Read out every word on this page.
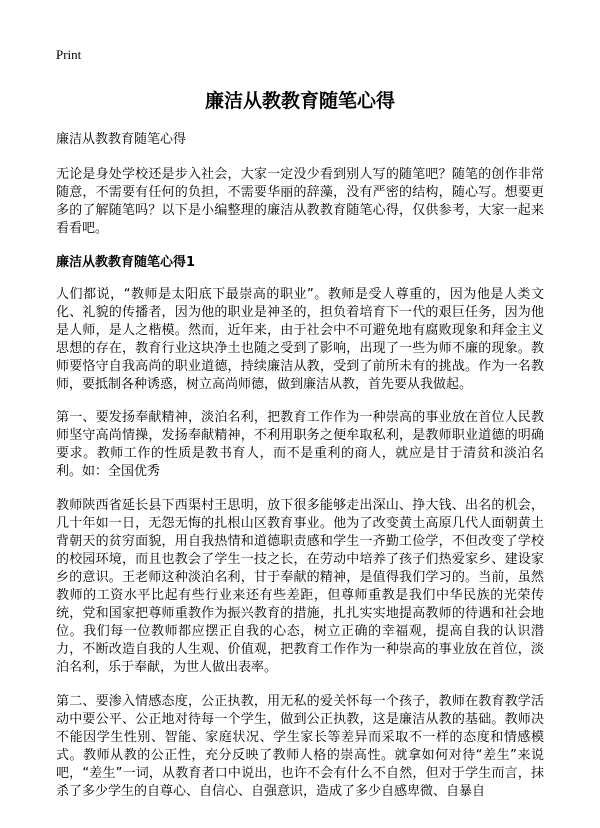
Print
廉洁从教教育随笔心得

廉洁从教教育随笔心得

无论是身处学校还是步入社会，大家一定没少看到别人写的随笔吧？随笔的创作非常随意，不需要有任何的负担，不需要华丽的辞藻，没有严密的结构，随心写。想要更多的了解随笔吗？以下是小编整理的廉洁从教教育随笔心得，仅供参考，大家一起来看看吧。

廉洁从教教育随笔心得1

人们都说，“教师是太阳底下最崇高的职业”。教师是受人尊重的，因为他是人类文化、礼貌的传播者，因为他的职业是神圣的，担负着培育下一代的艰巨任务，因为他是人师，是人之楷模。然而，近年来，由于社会中不可避免地有腐败现象和拜金主义思想的存在，教育行业这块净土也随之受到了影响，出现了一些为师不廉的现象。教师要恪守自我高尚的职业道德，持续廉洁从教，受到了前所未有的挑战。作为一名教师，要抵制各种诱惑，树立高尚师德，做到廉洁从教，首先要从我做起。

第一、要发扬奉献精神，淡泊名利，把教育工作作为一种崇高的事业放在首位人民教师坚守高尚情操，发扬奉献精神，不利用职务之便牟取私利，是教师职业道德的明确要求。教师工作的性质是教书育人，而不是重利的商人，就应是甘于清贫和淡泊名利。如：全国优秀

教师陕西省延长县下西渠村王思明，放下很多能够走出深山、挣大钱、出名的机会，几十年如一日，无怨无悔的扎根山区教育事业。他为了改变黄土高原几代人面朝黄土背朝天的贫穷面貌，用自我热情和道德职责感和学生一齐勤工俭学，不但改变了学校的校园环境，而且也教会了学生一技之长，在劳动中培养了孩子们热爱家乡、建设家乡的意识。王老师这种淡泊名利，甘于奉献的精神，是值得我们学习的。当前，虽然教师的工资水平比起有些行业来还有些差距，但尊师重教是我们中华民族的光荣传统，党和国家把尊师重教作为振兴教育的措施，扎扎实实地提高教师的待遇和社会地位。我们每一位教师都应摆正自我的心态，树立正确的幸福观，提高自我的认识潜力，不断改造自我的人生观、价值观，把教育工作作为一种崇高的事业放在首位，淡泊名利，乐于奉献，为世人做出表率。

第二、要渗入情感态度，公正执教，用无私的爱关怀每一个孩子，教师在教育教学活动中要公平、公正地对待每一个学生，做到公正执教，这是廉洁从教的基础。教师决不能因学生性别、智能、家庭状况、学生家长等差异而采取不一样的态度和情感模式。教师从教的公正性，充分反映了教师人格的崇高性。就拿如何对待“差生”来说吧，“差生”一词，从教育者口中说出，也许不会有什么不自然，但对于学生而言，抹杀了多少学生的自尊心、自信心、自强意识，造成了多少自感卑微、自暴自
